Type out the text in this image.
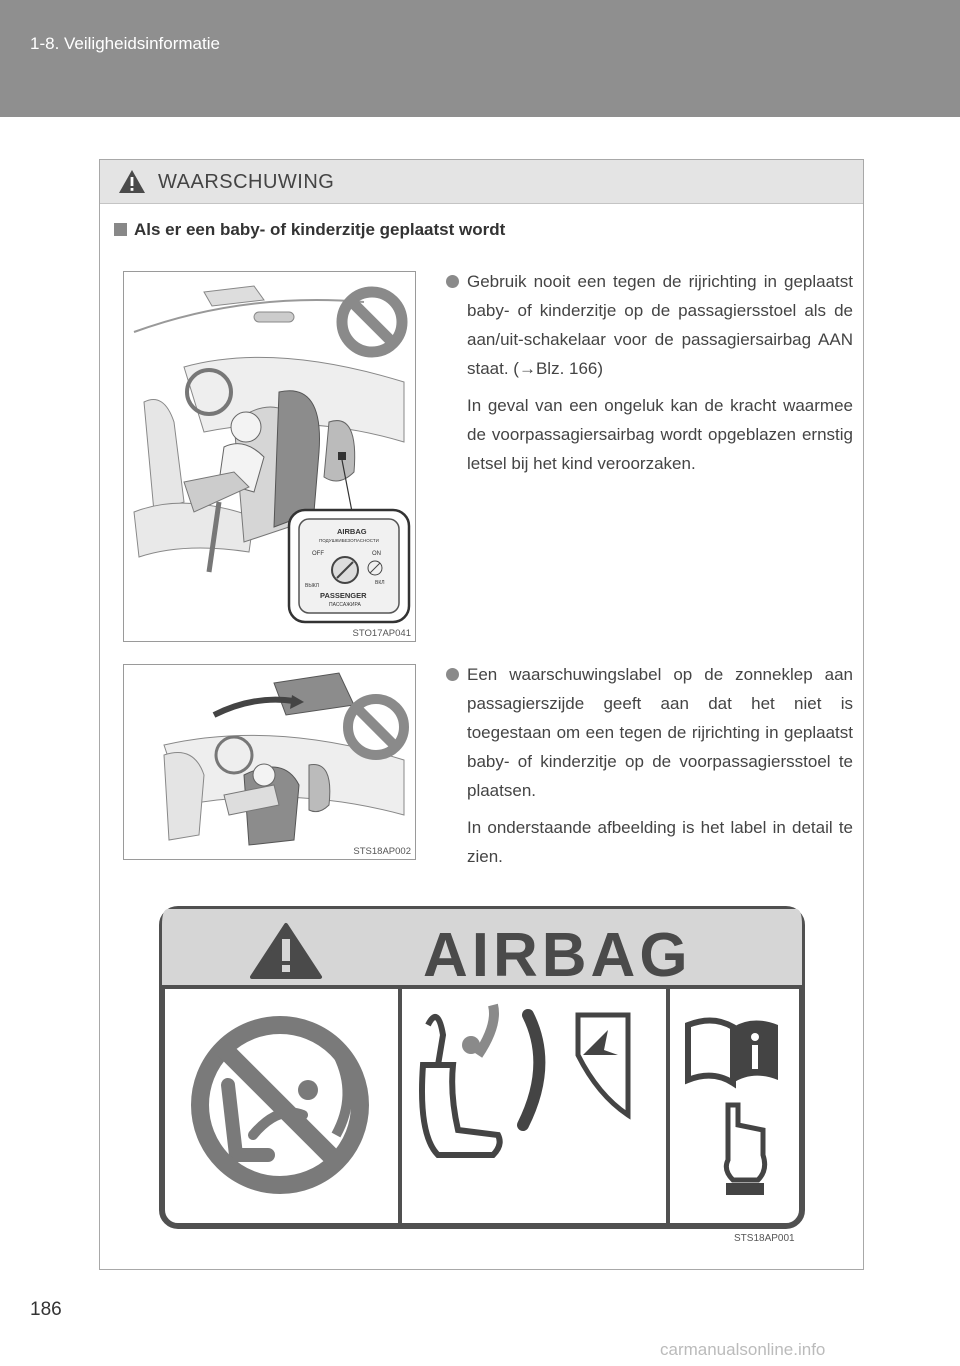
1-8. Veiligheidsinformatie
WAARSCHUWING
Als er een baby- of kinderzitje geplaatst wordt
AIRBAG
ПОДУШКИБЕЗОПАСНОСТИ
OFF	ON
ВЫКЛ	ВКЛ
PASSENGER
ПАССАЖИРА
STO17AP041

Gebruik nooit een tegen de rijrichting in geplaatst baby- of kinderzitje op de passagiersstoel als de aan/uit-schakelaar voor de passagiersairbag AAN staat. (→Blz. 166)

In geval van een ongeluk kan de kracht waarmee de voorpassagiersairbag wordt opgeblazen ernstig letsel bij het kind veroorzaken.

STS18AP002

Een waarschuwingslabel op de zonneklep aan passagierszijde geeft aan dat het niet is toegestaan om een tegen de rijrichting in geplaatst baby- of kinderzitje op de voorpassagiersstoel te plaatsen.

In onderstaande afbeelding is het label in detail te zien.

AIRBAG
STS18AP001
186
carmanualsonline.info
